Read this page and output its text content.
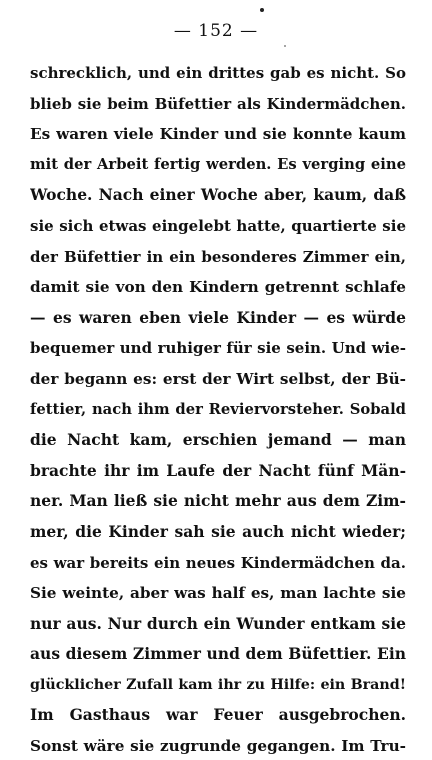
— 152 —
schrecklich, und ein drittes gab es nicht. So
blieb sie beim Büfettier als Kindermädchen.
Es waren viele Kinder und sie konnte kaum
mit der Arbeit fertig werden. Es verging eine
Woche. Nach einer Woche aber, kaum, daß
sie sich etwas eingelebt hatte, quartierte sie
der Büfettier in ein besonderes Zimmer ein,
damit sie von den Kindern getrennt schlafe
— es waren eben viele Kinder — es würde
bequemer und ruhiger für sie sein. Und wie-
der begann es: erst der Wirt selbst, der Bü-
fettier, nach ihm der Reviervorsteher. Sobald
die Nacht kam, erschien jemand — man
brachte ihr im Laufe der Nacht fünf Män-
ner. Man ließ sie nicht mehr aus dem Zim-
mer, die Kinder sah sie auch nicht wieder;
es war bereits ein neues Kindermädchen da.
Sie weinte, aber was half es, man lachte sie
nur aus. Nur durch ein Wunder entkam sie
aus diesem Zimmer und dem Büfettier. Ein
glücklicher Zufall kam ihr zu Hilfe: ein Brand!
Im Gasthaus war Feuer ausgebrochen.
Sonst wäre sie zugrunde gegangen. Im Tru-
